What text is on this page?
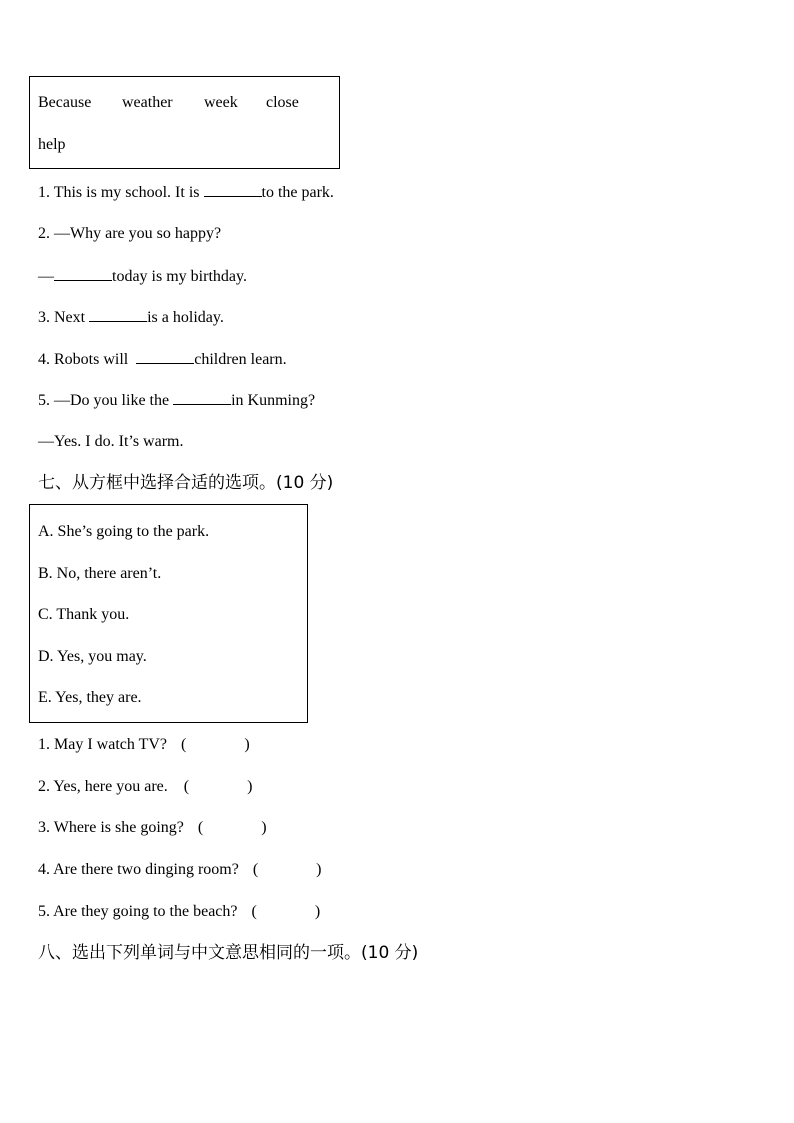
Because weather week close
help
1. This is my school. It is	to the park.
2. —Why are you so happy?
—	today is my birthday.
3. Next	is a holiday.
4. Robots will	children learn.
5. —Do you like the	in Kunming?
—Yes. I do. It’s warm.
七、从方框中选择合适的选项。(10 分)
A. She’s going to the park.
B. No, there aren’t.
C. Thank you.
D. Yes, you may.
E. Yes, they are.
1. May I watch TV? (	)
2. Yes, here you are. (	)
3. Where is she going? (	)
4. Are there two dinging room? (	)
5. Are they going to the beach? (	)
八、选出下列单词与中文意思相同的一项。(10 分)
